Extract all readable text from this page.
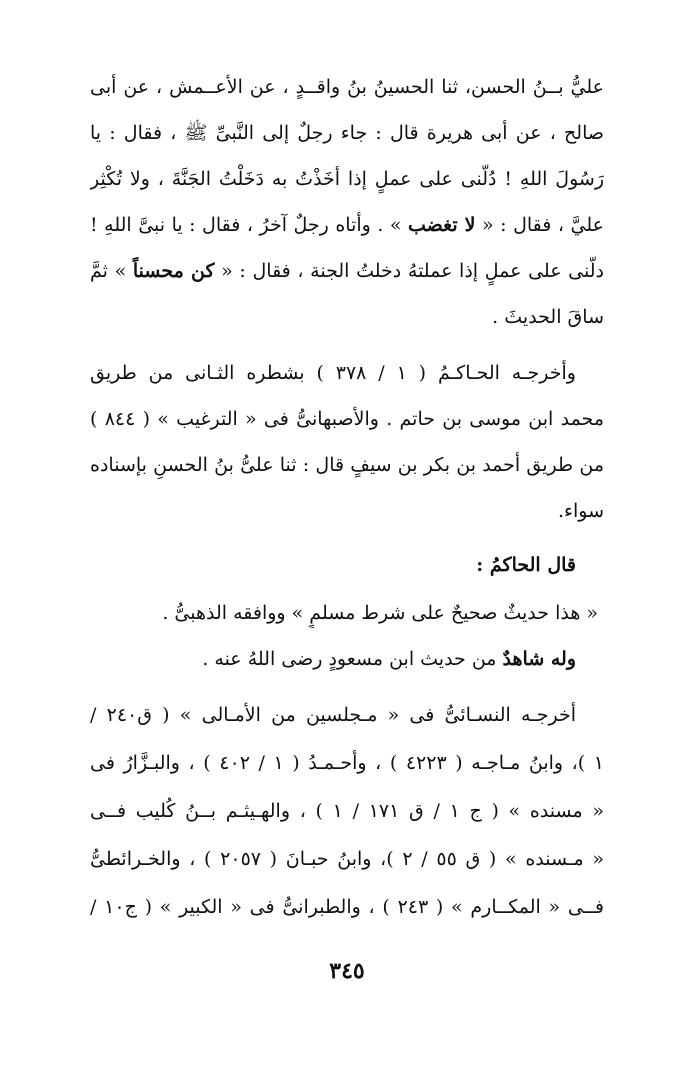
عليُّ بــنُ الحسن، ثنا الحسينُ بنُ واقــدٍ ، عن الأعــمش ، عن أبى
صالح ، عن أبى هريرة قال : جاء رجلٌ إلى النَّبىِّ ﷺ ، فقال : يا
رَسُولَ اللهِ ! دُلَّنى على عملٍ إذا أخَذْتُ به دَخَلْتُ الجَنَّةَ ، ولا تُكْثِر
عليَّ ، فقال : « لا تغضب » . وأتاه رجلٌ آخرُ ، فقال : يا نبىَّ اللهِ !
دلَّنى على عملٍ إذا عملتهُ دخلتُ الجنة ، فقال : « كن محسناً » ثمَّ
ساقَ الحديثَ .
وأخرجـه الحـاكـمُ ( ١ / ٣٧٨ ) بشطره الثـانى من طريق
محمد ابن موسى بن حاتم . والأصبهانىُّ فى « الترغيب » ( ٨٤٤ )
من طريق أحمد بن بكر بن سيفٍ قال : ثنا علىُّ بنُ الحسنِ بإسناده
سواء.
قال الحاكمُ :
« هذا حديثٌ صحيحٌ على شرط مسلمٍ » ووافقه الذهبىُّ .
وله شاهدٌ من حديث ابن مسعودٍ رضى اللهُ عنه .
أخرجـه النسـائىُّ فى « مـجلسين من الأمـالى » ( ق٢٤٠ /
١ )، وابنُ مـاجـه ( ٤٢٢٣ ) ، وأحـمـدُ ( ١ / ٤٠٢ ) ، والبـزَّارُ فى
« مسنده » ( ج ١ / ق ١٧١ / ١ ) ، والهـيثـم بــنُ كُليب فــى
« مـسنده » ( ق ٥٥ / ٢ )، وابنُ حبـانَ ( ٢٠٥٧ ) ، والخـرائطىُّ
فــى « المكــارم » ( ٢٤٣ ) ، والطبرانىُّ فى « الكبير » ( ج١٠ /
٣٤٥
